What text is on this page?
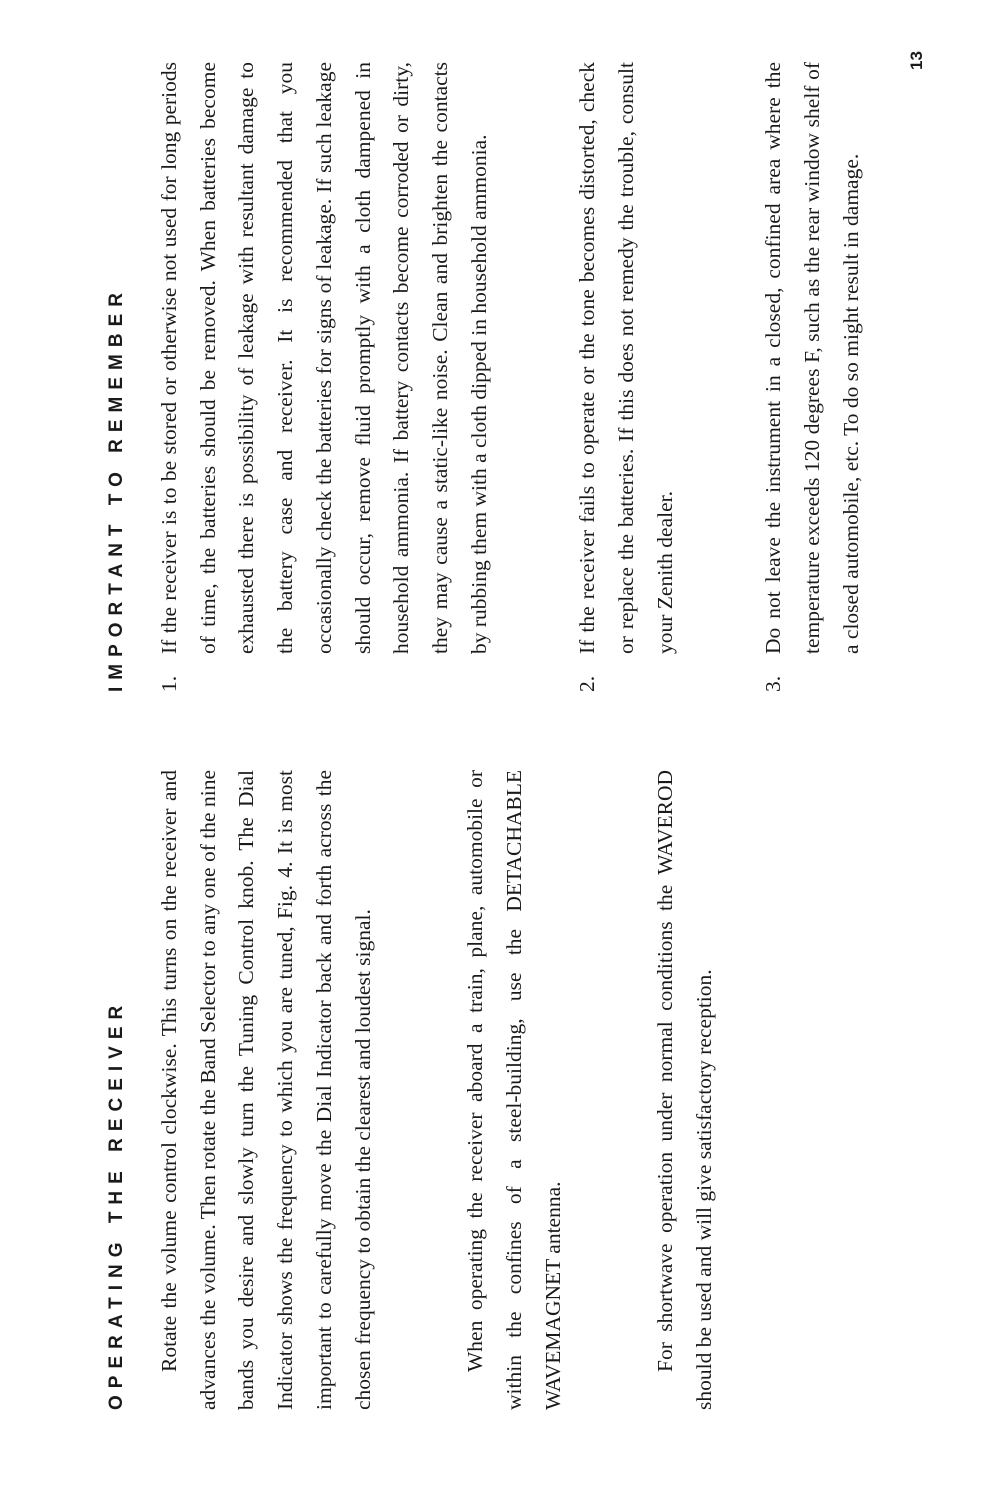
OPERATING THE RECEIVER	Rotate the volume control clockwise. This turns on the receiver and advances the volume. Then rotate the Band Selector to any one of the nine bands you desire and slowly turn the Tuning Control knob. The Dial Indicator shows the frequency to which you are tuned, Fig. 4. It is most important to carefully move the Dial Indicator back and forth across the chosen frequency to obtain the clearest and loudest signal.	When operating the receiver aboard a train, plane, automobile or within the confines of a steel-building, use the DETACHABLE WAVEMAGNET antenna.	For shortwave operation under normal conditions the WAVEROD should be used and will give satisfactory reception.

IMPORTANT TO REMEMBER	1.
If the receiver is to be stored or otherwise not used for long periods of time, the batteries should be removed. When batteries become exhausted there is possibility of leakage with resultant damage to the battery case and receiver. It is recommended that you occasionally check the batteries for signs of leakage. If such leakage should occur, remove fluid promptly with a cloth dampened in household ammonia. If battery contacts become corroded or dirty, they may cause a static-like noise. Clean and brighten the contacts by rubbing them with a cloth dipped in household ammonia.
2.
If the receiver fails to operate or the tone becomes distorted, check or replace the batteries. If this does not remedy the trouble, consult your Zenith dealer.
3.
Do not leave the instrument in a closed, confined area where the temperature exceeds 120 degrees F, such as the rear window shelf of a closed automobile, etc. To do so might result in damage.
13
